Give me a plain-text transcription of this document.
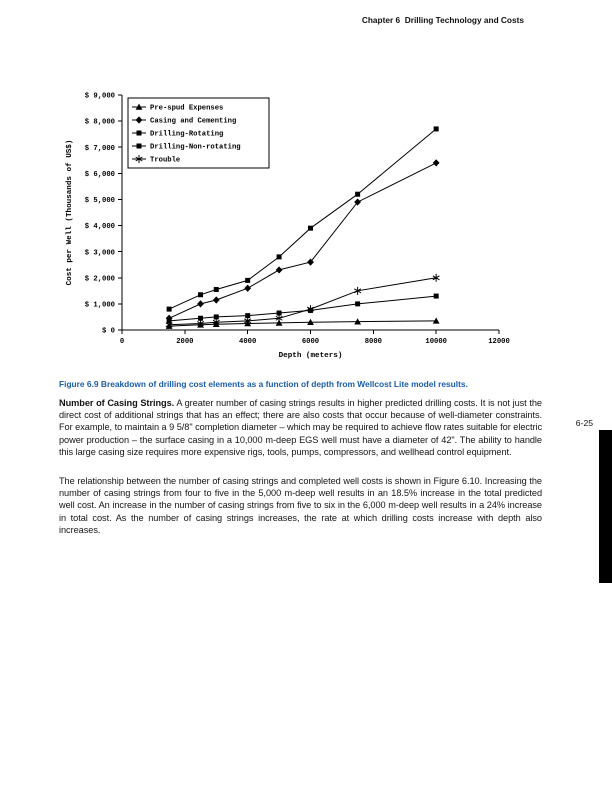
Chapter 6  Drilling Technology and Costs
$ 0
$ 1,000
$ 2,000
$ 3,000
$ 4,000
$ 5,000
$ 6,000
$ 7,000
$ 8,000
$ 9,000
0	2000	4000	6000	8000	10000	12000
Depth (meters)
Cost per Well (Thousands of US$)
Pre-spud Expenses
Casing and Cementing
Drilling-Rotating
Drilling-Non-rotating
Trouble
Figure 6.9 Breakdown of drilling cost elements as a function of depth from Wellcost Lite model results.

Number of Casing Strings. A greater number of casing strings results in higher predicted drilling costs. It is not just the direct cost of additional strings that has an effect; there are also costs that occur because of well-diameter constraints. For example, to maintain a 9 5/8" completion diameter – which may be required to achieve flow rates suitable for electric power production – the surface casing in a 10,000 m-deep EGS well must have a diameter of 42". The ability to handle this large casing size requires more expensive rigs, tools, pumps, compressors, and wellhead control equipment.

The relationship between the number of casing strings and completed well costs is shown in Figure 6.10. Increasing the number of casing strings from four to five in the 5,000 m-deep well results in an 18.5% increase in the total predicted well cost. An increase in the number of casing strings from five to six in the 6,000 m-deep well results in a 24% increase in total cost. As the number of casing strings increases, the rate at which drilling costs increase with depth also increases.

6-25
